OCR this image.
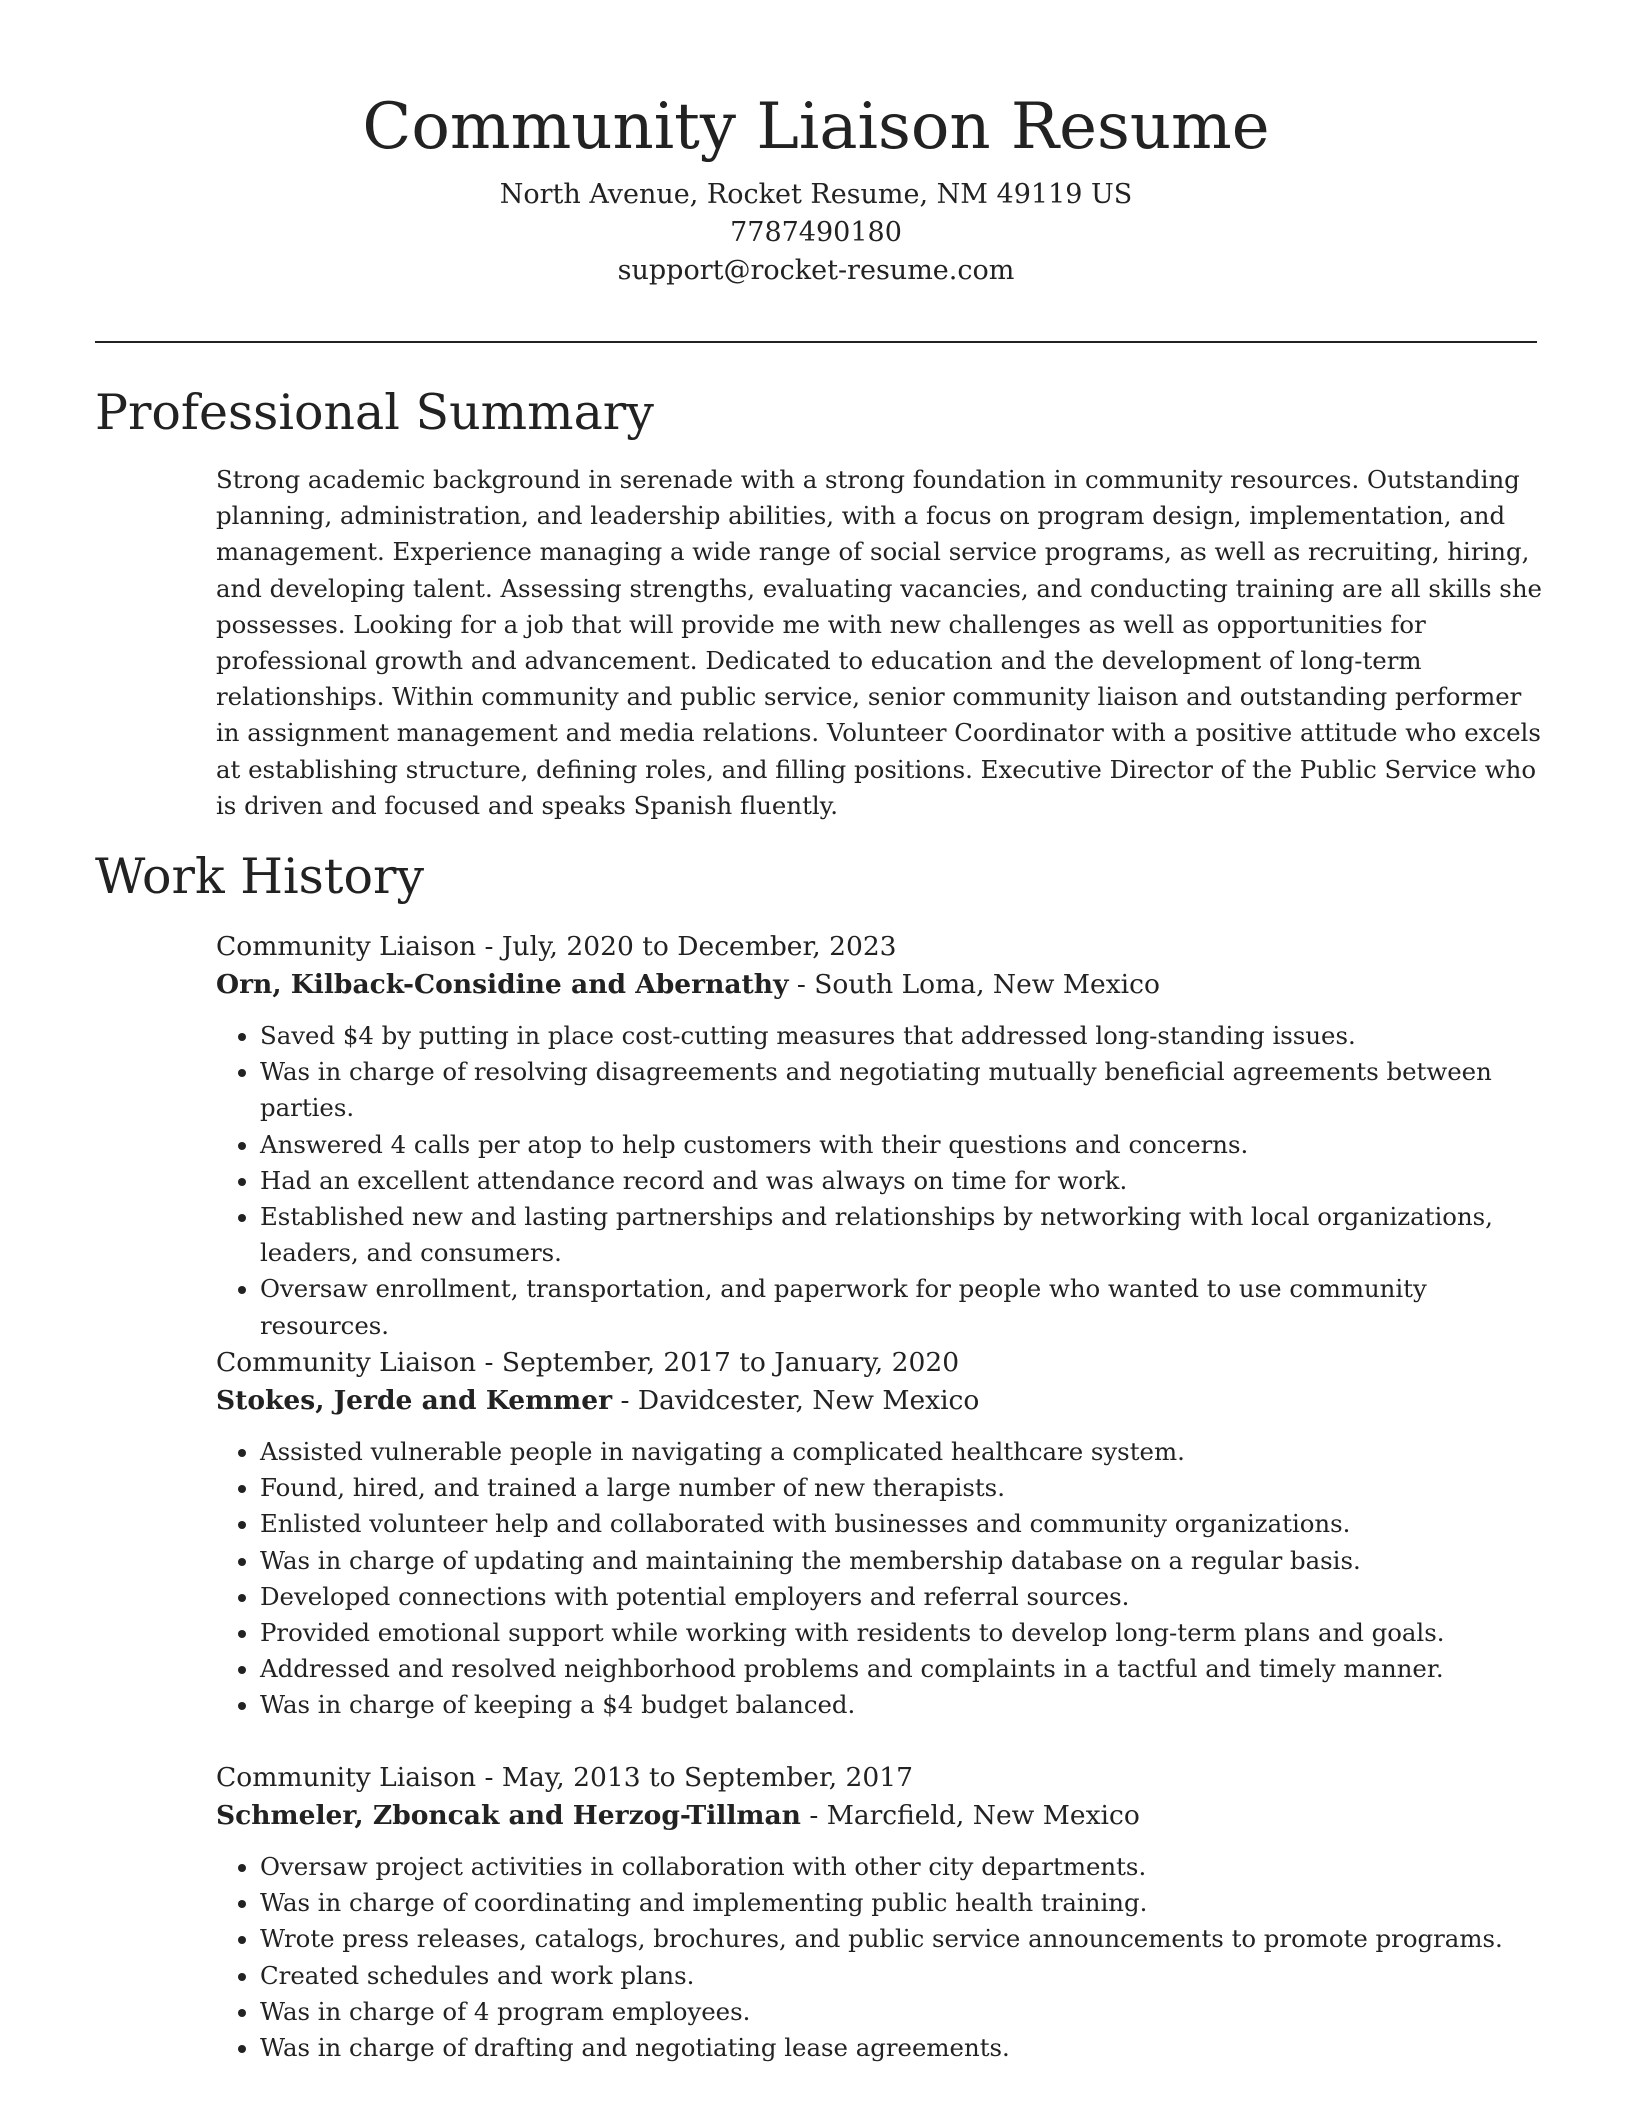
Community Liaison Resume

North Avenue, Rocket Resume, NM 49119 US

7787490180

support@rocket-resume.com

Professional Summary

Strong academic background in serenade with a strong foundation in community resources. Outstanding planning, administration, and leadership abilities, with a focus on program design, implementation, and management. Experience managing a wide range of social service programs, as well as recruiting, hiring, and developing talent. Assessing strengths, evaluating vacancies, and conducting training are all skills she possesses. Looking for a job that will provide me with new challenges as well as opportunities for professional growth and advancement. Dedicated to education and the development of long-term relationships. Within community and public service, senior community liaison and outstanding performer in assignment management and media relations. Volunteer Coordinator with a positive attitude who excels at establishing structure, defining roles, and filling positions. Executive Director of the Public Service who is driven and focused and speaks Spanish fluently.

Work History

Community Liaison - July, 2020 to December, 2023

Orn, Kilback-Considine and Abernathy - South Loma, New Mexico

• Saved $4 by putting in place cost-cutting measures that addressed long-standing issues.
• Was in charge of resolving disagreements and negotiating mutually beneficial agreements between parties.
• Answered 4 calls per atop to help customers with their questions and concerns.
• Had an excellent attendance record and was always on time for work.
• Established new and lasting partnerships and relationships by networking with local organizations, leaders, and consumers.
• Oversaw enrollment, transportation, and paperwork for people who wanted to use community resources.

Community Liaison - September, 2017 to January, 2020

Stokes, Jerde and Kemmer - Davidcester, New Mexico

• Assisted vulnerable people in navigating a complicated healthcare system.
• Found, hired, and trained a large number of new therapists.
• Enlisted volunteer help and collaborated with businesses and community organizations.
• Was in charge of updating and maintaining the membership database on a regular basis.
• Developed connections with potential employers and referral sources.
• Provided emotional support while working with residents to develop long-term plans and goals.
• Addressed and resolved neighborhood problems and complaints in a tactful and timely manner.
• Was in charge of keeping a $4 budget balanced.

Community Liaison - May, 2013 to September, 2017

Schmeler, Zboncak and Herzog-Tillman - Marcfield, New Mexico

• Oversaw project activities in collaboration with other city departments.
• Was in charge of coordinating and implementing public health training.
• Wrote press releases, catalogs, brochures, and public service announcements to promote programs.
• Created schedules and work plans.
• Was in charge of 4 program employees.
• Was in charge of drafting and negotiating lease agreements.
